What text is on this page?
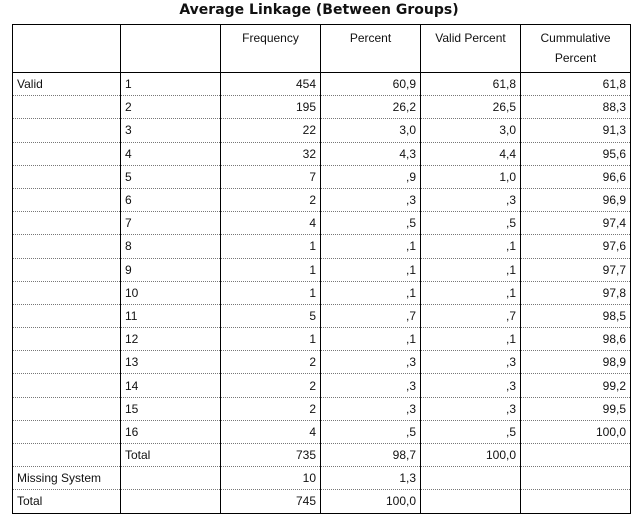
Average Linkage (Between Groups)
		Frequency	Percent	Valid Percent	Cummulative Percent
Valid	1	454	60,9	61,8	61,8
	2	195	26,2	26,5	88,3
	3	22	3,0	3,0	91,3
	4	32	4,3	4,4	95,6
	5	7	,9	1,0	96,6
	6	2	,3	,3	96,9
	7	4	,5	,5	97,4
	8	1	,1	,1	97,6
	9	1	,1	,1	97,7
	10	1	,1	,1	97,8
	11	5	,7	,7	98,5
	12	1	,1	,1	98,6
	13	2	,3	,3	98,9
	14	2	,3	,3	99,2
	15	2	,3	,3	99,5
	16	4	,5	,5	100,0
	Total	735	98,7	100,0	
Missing System		10	1,3		
Total		745	100,0		
